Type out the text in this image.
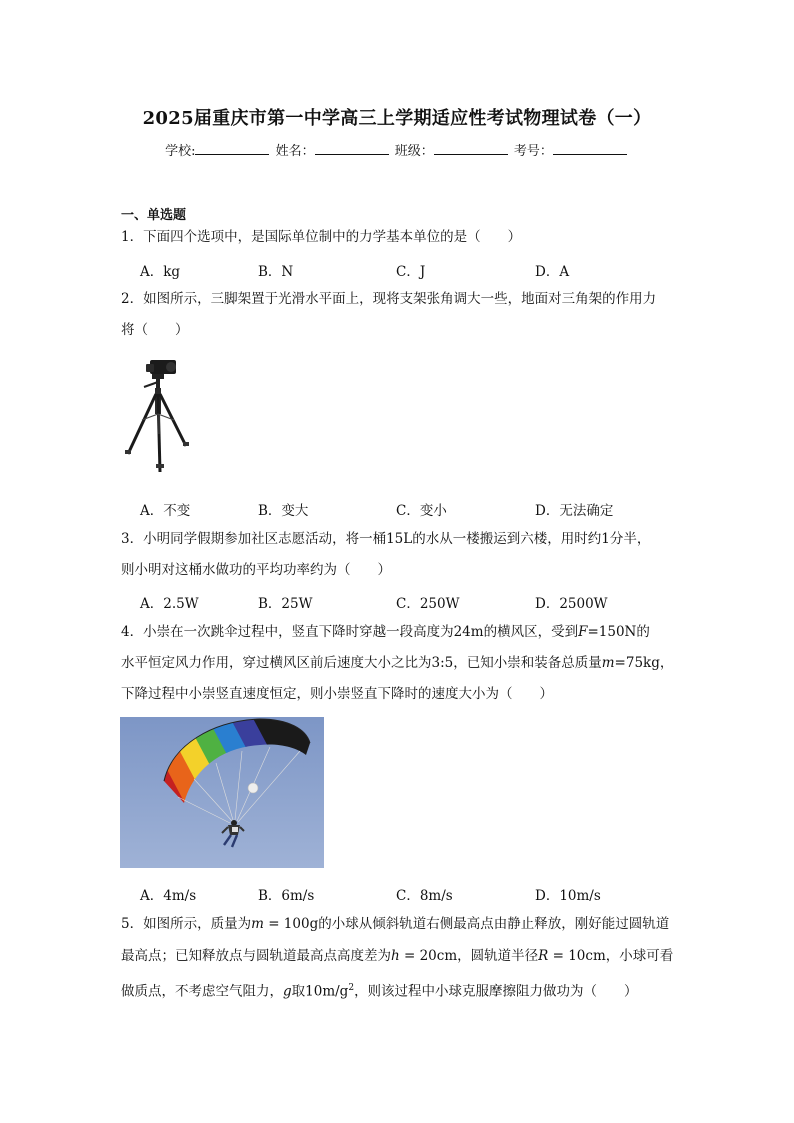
2025届重庆市第一中学高三上学期适应性考试物理试卷（一）
学校:	姓名：	班级：	考号：
一、单选题
1．下面四个选项中，是国际单位制中的力学基本单位的是（　　）
A．kg	B．N	C．J	D．A
2．如图所示，三脚架置于光滑水平面上，现将支架张角调大一些，地面对三角架的作用力
将（　　）
A．不变	B．变大	C．变小	D．无法确定
3．小明同学假期参加社区志愿活动，将一桶15L的水从一楼搬运到六楼，用时约1分半，
则小明对这桶水做功的平均功率约为（　　）
A．2.5W	B．25W	C．250W	D．2500W
4．小崇在一次跳伞过程中，竖直下降时穿越一段高度为24m的横风区，受到F=150N的
水平恒定风力作用，穿过横风区前后速度大小之比为3:5，已知小崇和装备总质量m=75kg，
下降过程中小崇竖直速度恒定，则小崇竖直下降时的速度大小为（　　）
A．4m/s	B．6m/s	C．8m/s	D．10m/s
5．如图所示，质量为m = 100g的小球从倾斜轨道右侧最高点由静止释放，刚好能过圆轨道
最高点；已知释放点与圆轨道最高点高度差为h = 20cm，圆轨道半径R = 10cm，小球可看
做质点，不考虑空气阻力，g取$10m/g^2$，则该过程中小球克服摩擦阻力做功为（　　）
